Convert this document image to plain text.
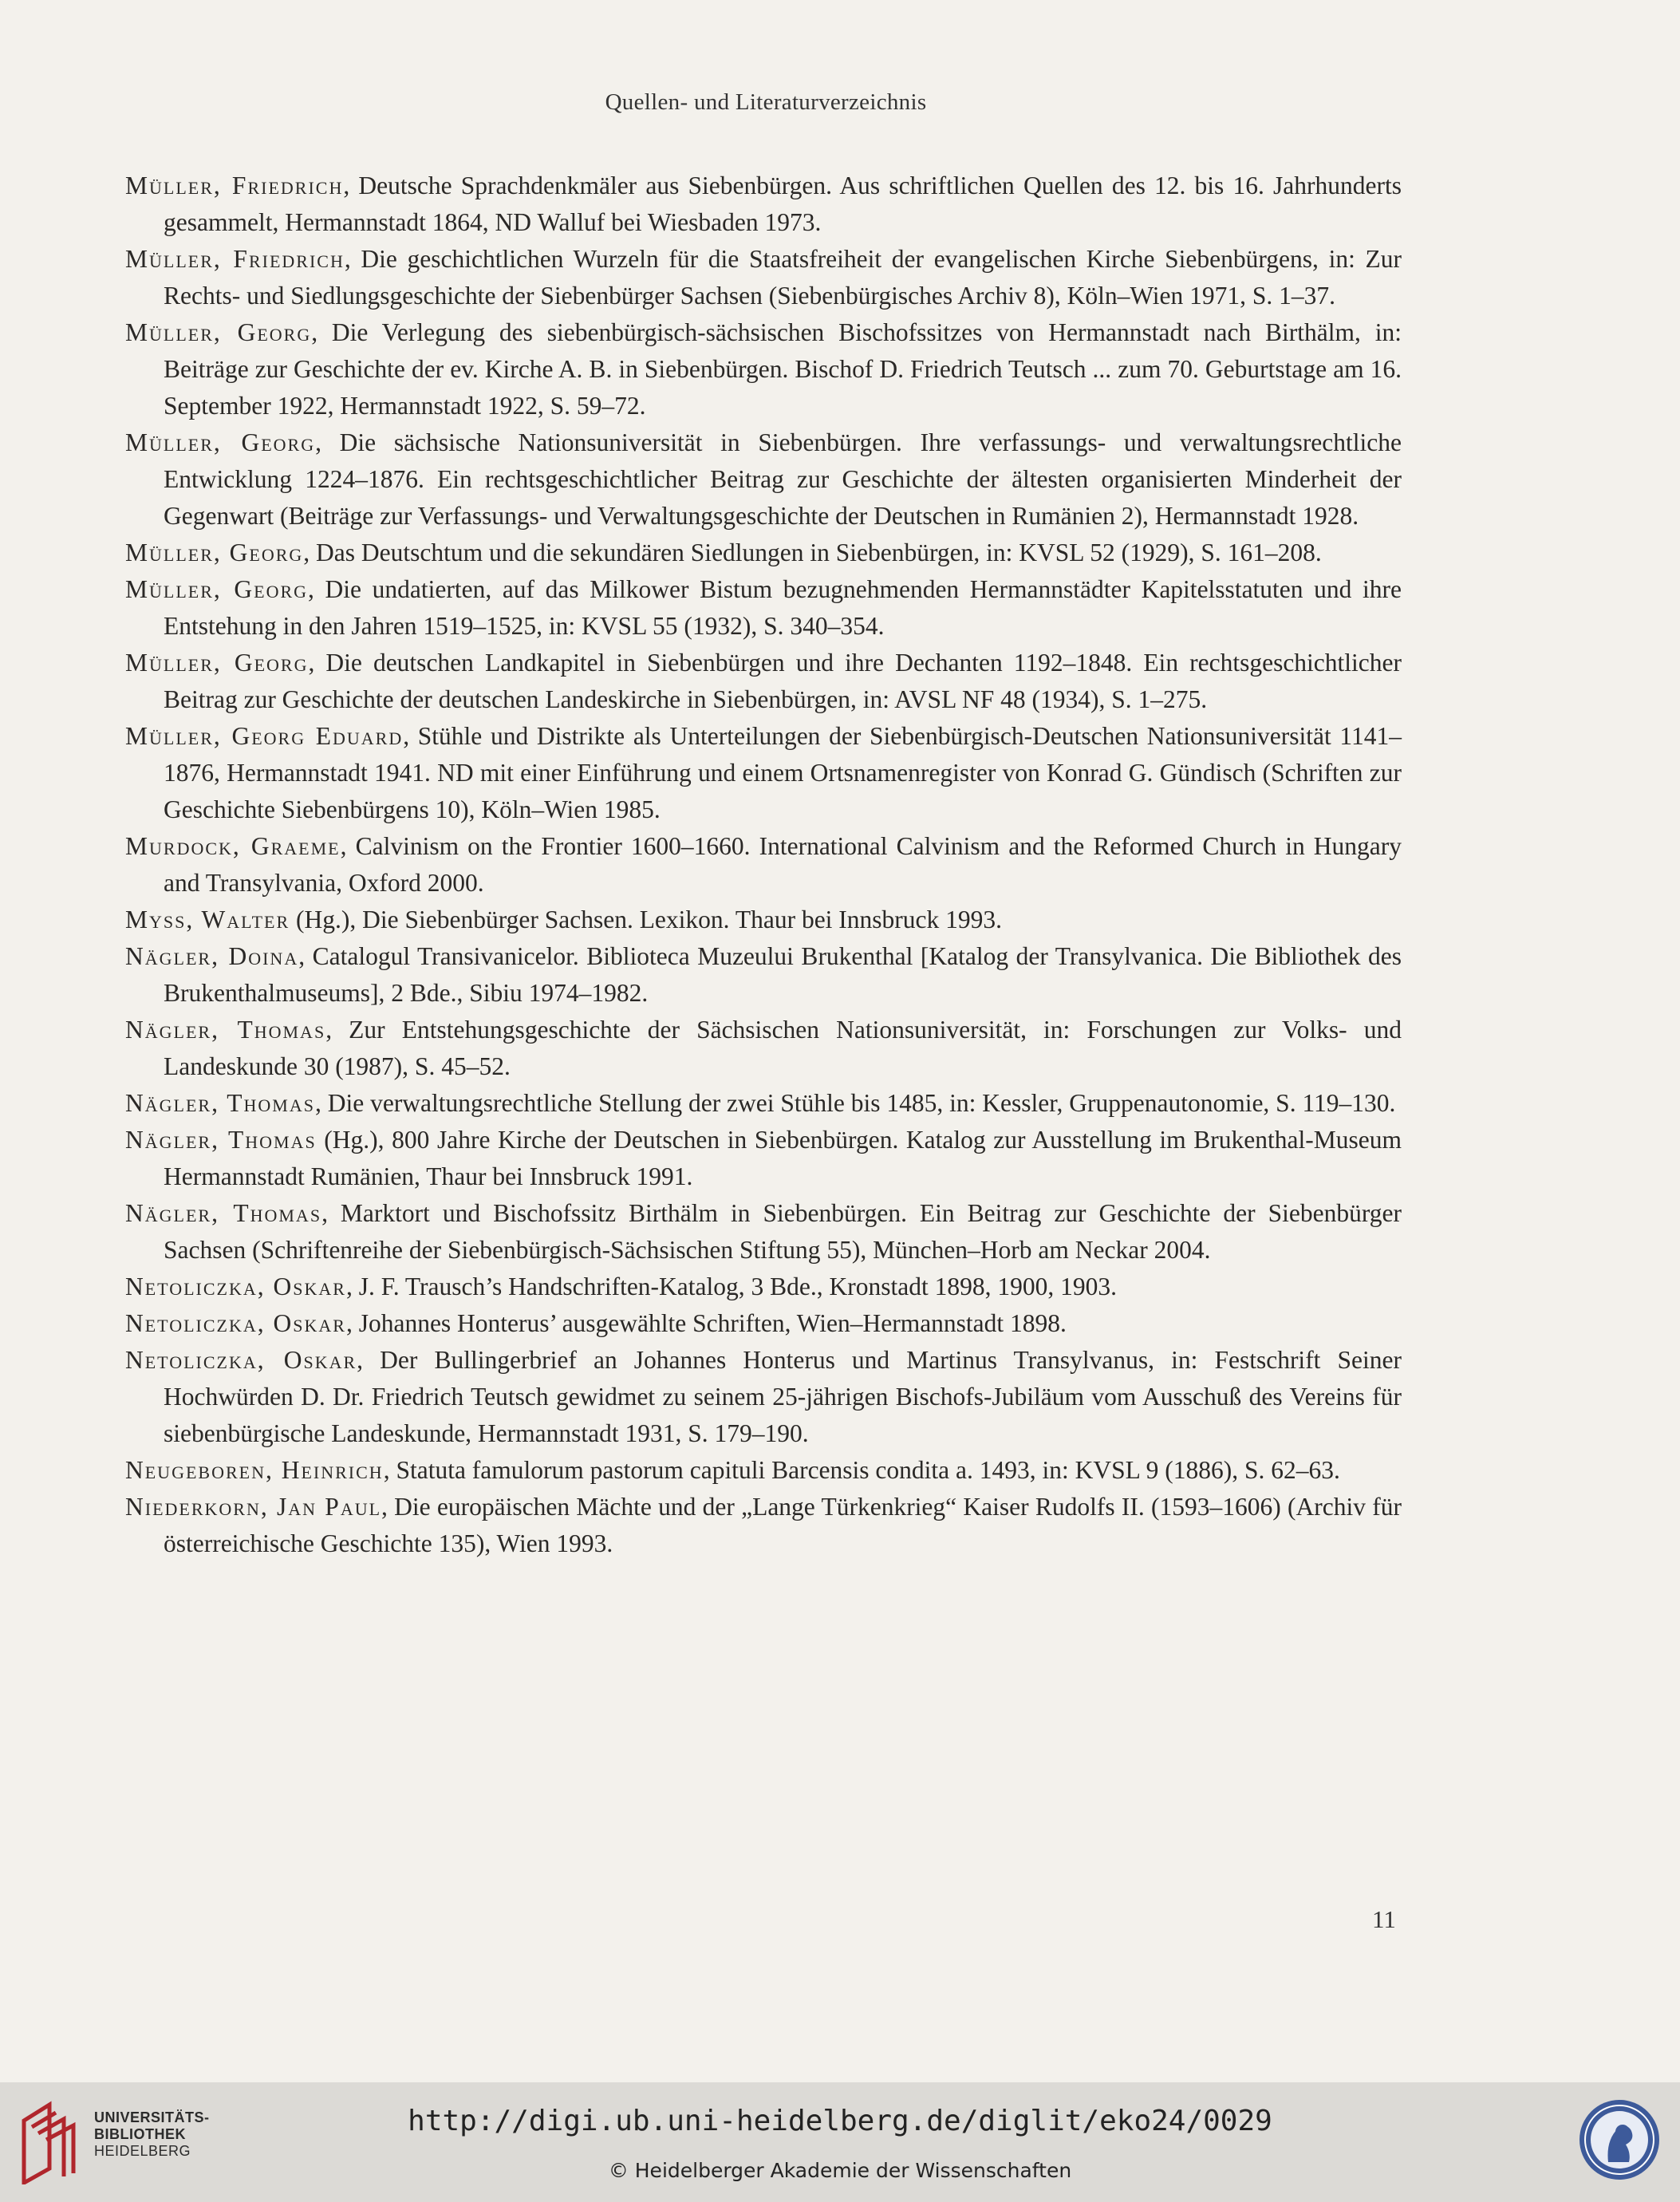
Quellen- und Literaturverzeichnis

Müller, Friedrich, Deutsche Sprachdenkmäler aus Siebenbürgen. Aus schriftlichen Quellen des 12. bis 16. Jahrhunderts gesammelt, Hermannstadt 1864, ND Walluf bei Wiesbaden 1973.

Müller, Friedrich, Die geschichtlichen Wurzeln für die Staatsfreiheit der evangelischen Kirche Siebenbürgens, in: Zur Rechts- und Siedlungsgeschichte der Siebenbürger Sachsen (Siebenbürgisches Archiv 8), Köln–Wien 1971, S. 1–37.

Müller, Georg, Die Verlegung des siebenbürgisch-sächsischen Bischofssitzes von Hermannstadt nach Birthälm, in: Beiträge zur Geschichte der ev. Kirche A. B. in Siebenbürgen. Bischof D. Friedrich Teutsch ... zum 70. Geburtstage am 16. September 1922, Hermannstadt 1922, S. 59–72.

Müller, Georg, Die sächsische Nationsuniversität in Siebenbürgen. Ihre verfassungs- und verwaltungsrechtliche Entwicklung 1224–1876. Ein rechtsgeschichtlicher Beitrag zur Geschichte der ältesten organisierten Minderheit der Gegenwart (Beiträge zur Verfassungs- und Verwaltungsgeschichte der Deutschen in Rumänien 2), Hermannstadt 1928.

Müller, Georg, Das Deutschtum und die sekundären Siedlungen in Siebenbürgen, in: KVSL 52 (1929), S. 161–208.

Müller, Georg, Die undatierten, auf das Milkower Bistum bezugnehmenden Hermannstädter Kapitelsstatuten und ihre Entstehung in den Jahren 1519–1525, in: KVSL 55 (1932), S. 340–354.

Müller, Georg, Die deutschen Landkapitel in Siebenbürgen und ihre Dechanten 1192–1848. Ein rechtsgeschichtlicher Beitrag zur Geschichte der deutschen Landeskirche in Siebenbürgen, in: AVSL NF 48 (1934), S. 1–275.

Müller, Georg Eduard, Stühle und Distrikte als Unterteilungen der Siebenbürgisch-Deutschen Nationsuniversität 1141–1876, Hermannstadt 1941. ND mit einer Einführung und einem Ortsnamenregister von Konrad G. Gündisch (Schriften zur Geschichte Siebenbürgens 10), Köln–Wien 1985.

Murdock, Graeme, Calvinism on the Frontier 1600–1660. International Calvinism and the Reformed Church in Hungary and Transylvania, Oxford 2000.

Myss, Walter (Hg.), Die Siebenbürger Sachsen. Lexikon. Thaur bei Innsbruck 1993.

Nägler, Doina, Catalogul Transivanicelor. Biblioteca Muzeului Brukenthal [Katalog der Transylvanica. Die Bibliothek des Brukenthalmuseums], 2 Bde., Sibiu 1974–1982.

Nägler, Thomas, Zur Entstehungsgeschichte der Sächsischen Nationsuniversität, in: Forschungen zur Volks- und Landeskunde 30 (1987), S. 45–52.

Nägler, Thomas, Die verwaltungsrechtliche Stellung der zwei Stühle bis 1485, in: Kessler, Gruppenautonomie, S. 119–130.

Nägler, Thomas (Hg.), 800 Jahre Kirche der Deutschen in Siebenbürgen. Katalog zur Ausstellung im Brukenthal-Museum Hermannstadt Rumänien, Thaur bei Innsbruck 1991.

Nägler, Thomas, Marktort und Bischofssitz Birthälm in Siebenbürgen. Ein Beitrag zur Geschichte der Siebenbürger Sachsen (Schriftenreihe der Siebenbürgisch-Sächsischen Stiftung 55), München–Horb am Neckar 2004.

Netoliczka, Oskar, J. F. Trausch’s Handschriften-Katalog, 3 Bde., Kronstadt 1898, 1900, 1903.

Netoliczka, Oskar, Johannes Honterus’ ausgewählte Schriften, Wien–Hermannstadt 1898.

Netoliczka, Oskar, Der Bullingerbrief an Johannes Honterus und Martinus Transylvanus, in: Festschrift Seiner Hochwürden D. Dr. Friedrich Teutsch gewidmet zu seinem 25-jährigen Bischofs-Jubiläum vom Ausschuß des Vereins für siebenbürgische Landeskunde, Hermannstadt 1931, S. 179–190.

Neugeboren, Heinrich, Statuta famulorum pastorum capituli Barcensis condita a. 1493, in: KVSL 9 (1886), S. 62–63.

Niederkorn, Jan Paul, Die europäischen Mächte und der „Lange Türkenkrieg“ Kaiser Rudolfs II. (1593–1606) (Archiv für österreichische Geschichte 135), Wien 1993.

11
UNIVERSITÄTS-
BIBLIOTHEK
HEIDELBERG
http://digi.ub.uni-heidelberg.de/diglit/eko24/0029
© Heidelberger Akademie der Wissenschaften
